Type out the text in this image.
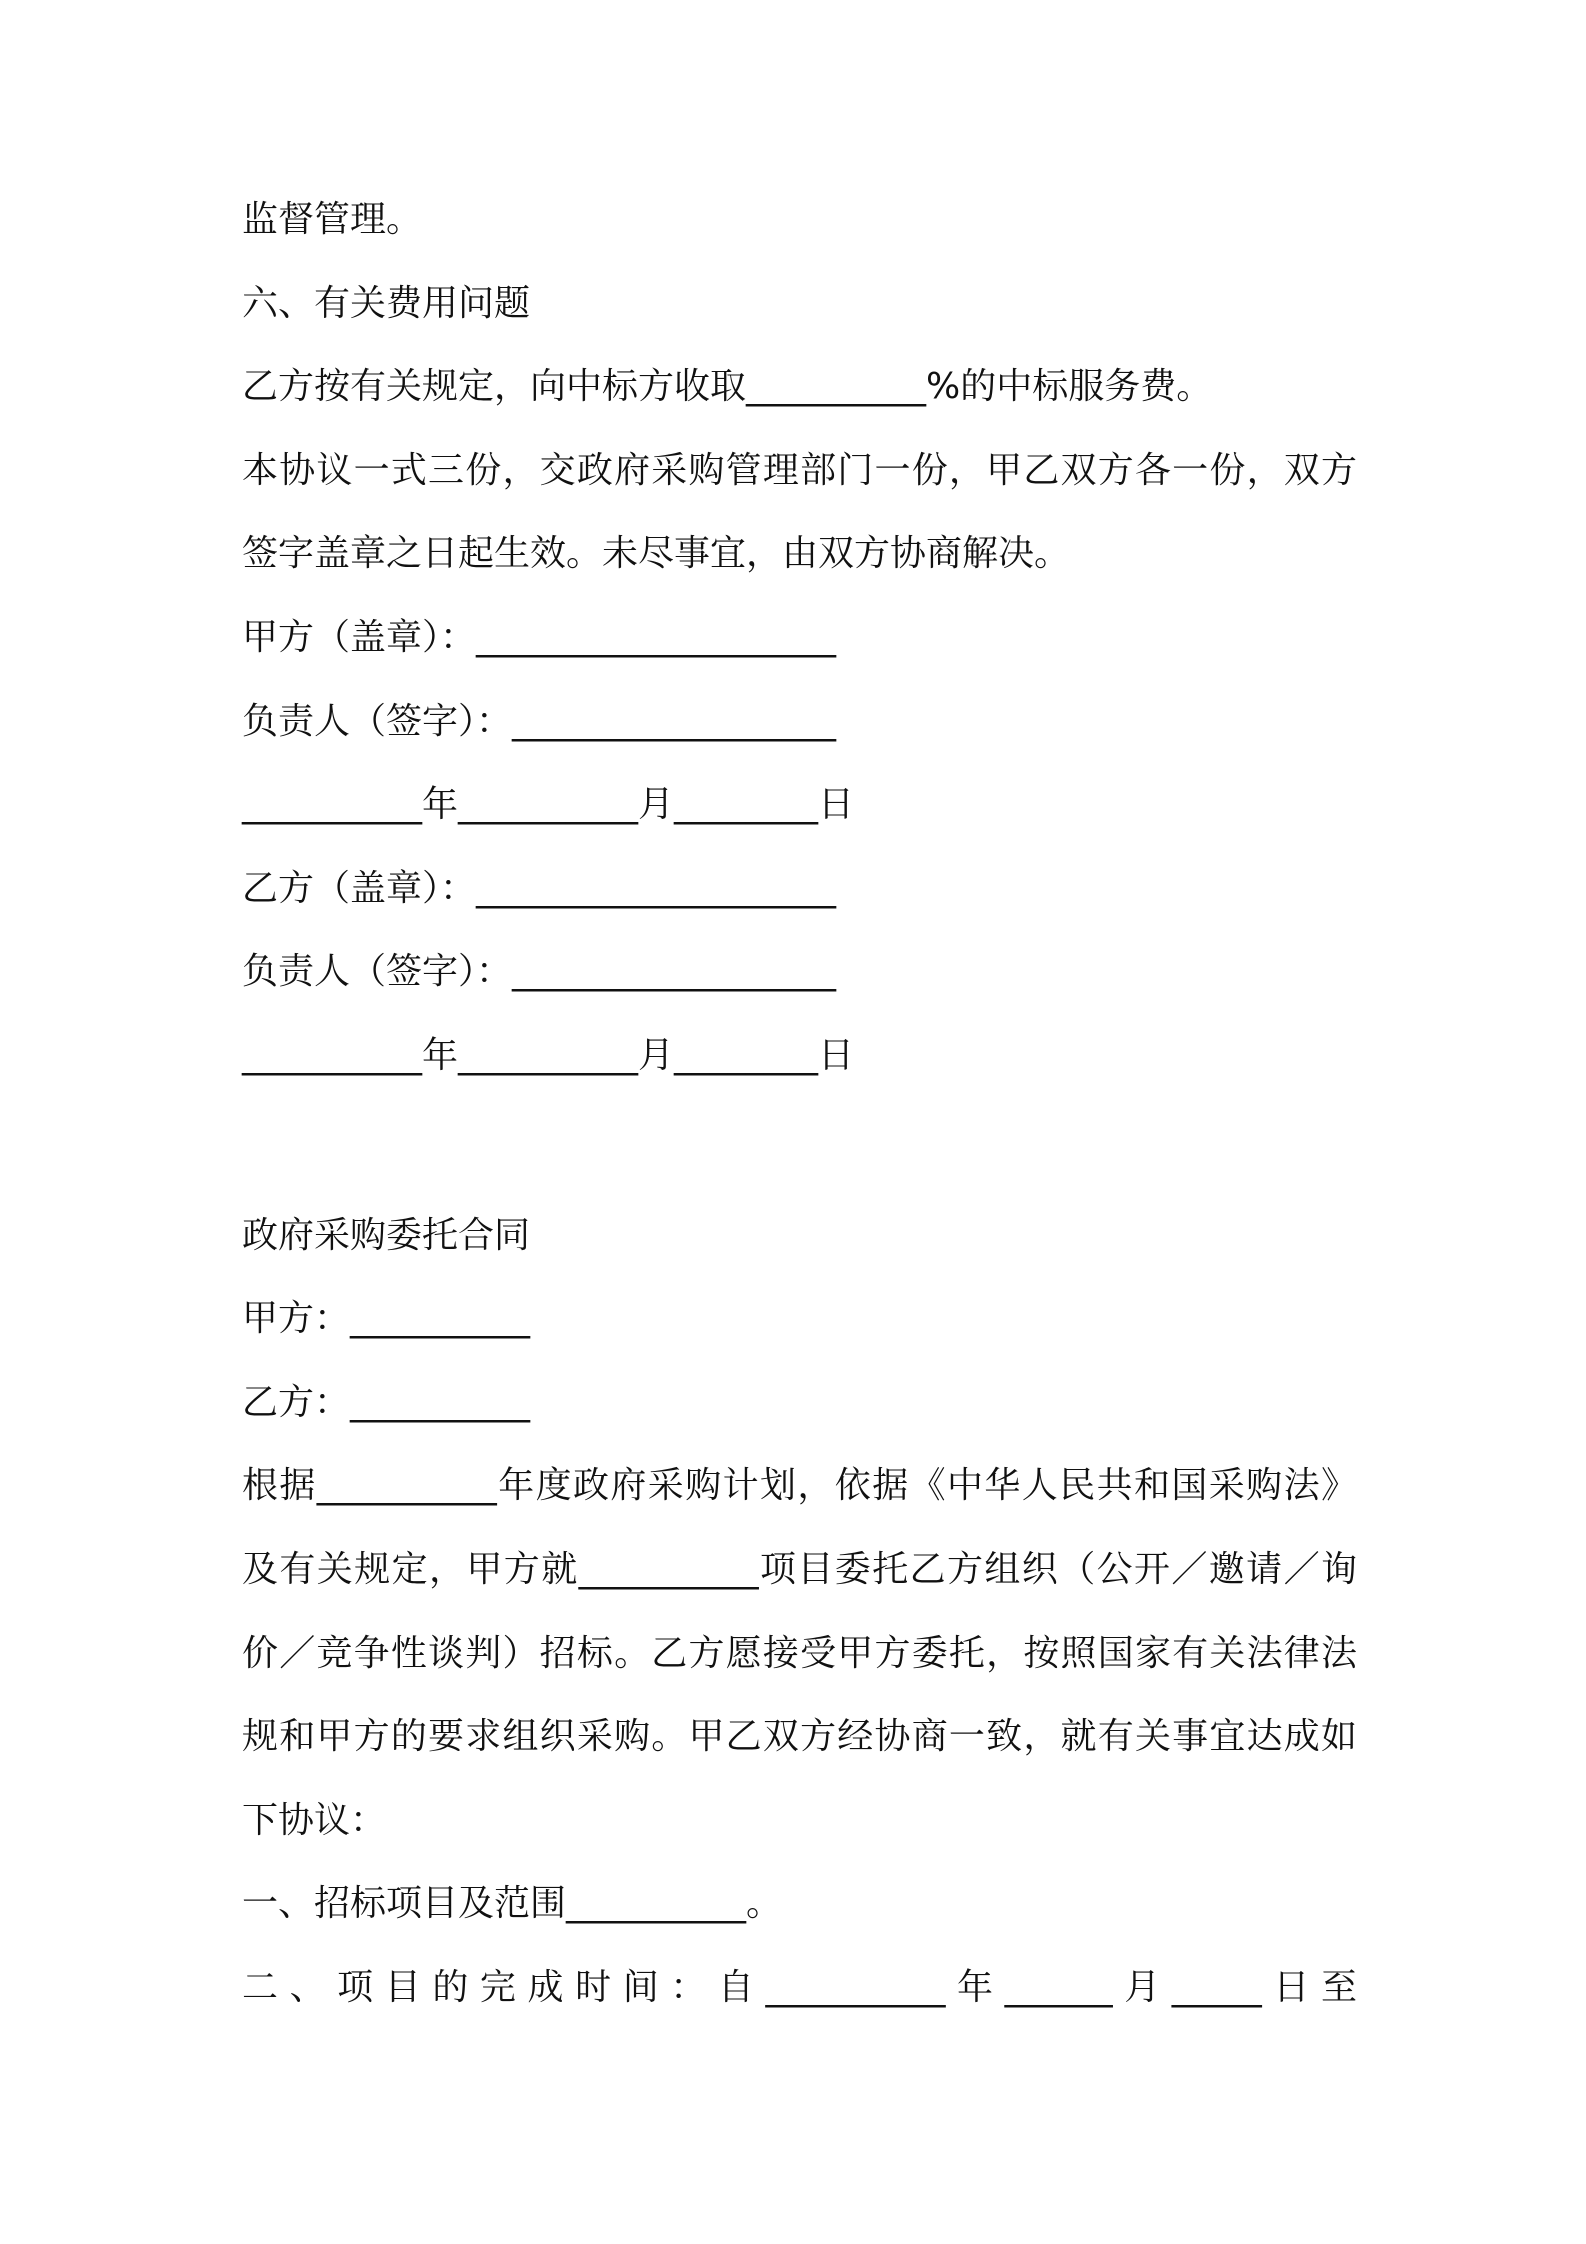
监督管理。
六、有关费用问题
乙方按有关规定，向中标方收取__________%的中标服务费。
本协议一式三份，交政府采购管理部门一份，甲乙双方各一份，双方
签字盖章之日起生效。未尽事宜，由双方协商解决。
甲方（盖章）：____________________
负责人（签字）：__________________
__________年__________月________日
乙方（盖章）：____________________
负责人（签字）：__________________
__________年__________月________日
政府采购委托合同
甲方：__________
乙方：__________
根据__________年度政府采购计划，依据《中华人民共和国采购法》
及有关规定，甲方就__________项目委托乙方组织（公开／邀请／询
价／竞争性谈判）招标。乙方愿接受甲方委托，按照国家有关法律法
规和甲方的要求组织采购。甲乙双方经协商一致，就有关事宜达成如
下协议：
一、招标项目及范围__________。
二、项目的完成时间：自__________年______月_____日至
